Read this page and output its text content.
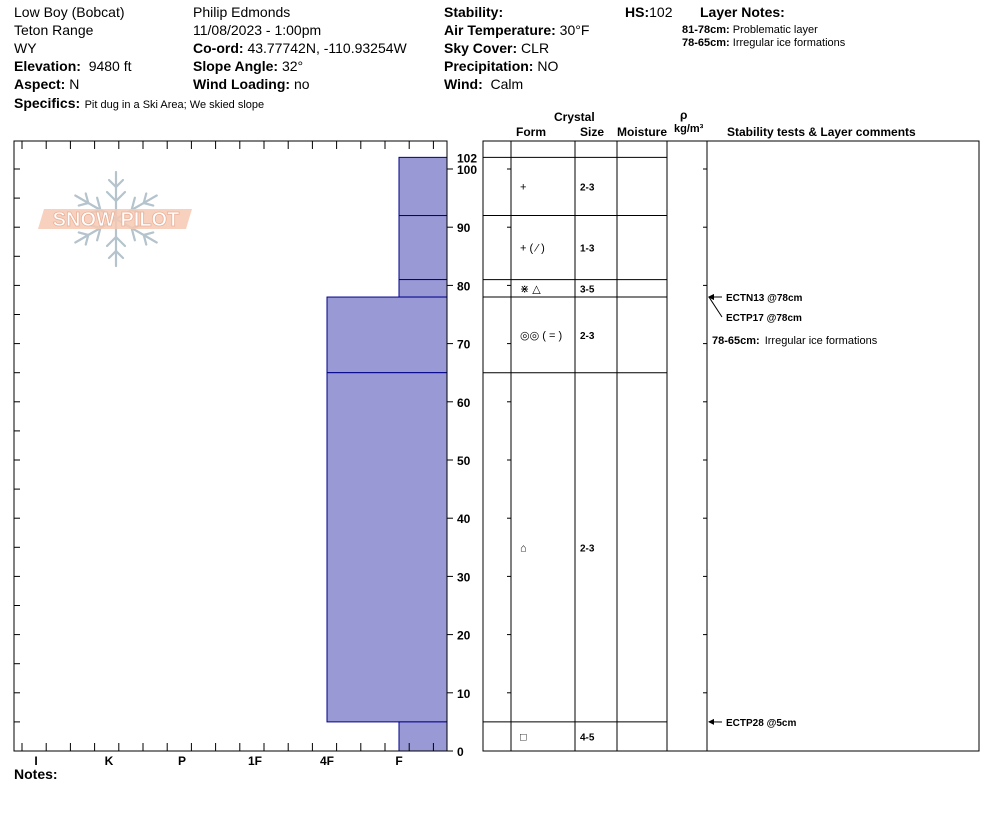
Low Boy (Bobcat)
Teton Range
WY
Elevation: 9480 ft
Aspect: N
Specifics: Pit dug in a Ski Area; We skied slope
Philip Edmonds
11/08/2023 - 1:00pm
Co-ord: 43.77742N, -110.93254W
Slope Angle: 32°
Wind Loading: no
Stability:
Air Temperature: 30°F
Sky Cover: CLR
Precipitation: NO
Wind: Calm
HS:102 Layer Notes:
81-78cm: Problematic layer
78-65cm: Irregular ice formations
Crystal
Form	Size Moisture
ρ
kg/m³ Stability tests & Layer comments
Notes:
SNOW PILOT
0
10
20
30
40
50
60
70
80
90
100
102
I	K	P	1F	4F	F
+	2-3
+ ( ⁄ )	1-3
⋇ △	3-5
◎◎ ( = ) 2-3
⌂	2-3
□	4-5
ECTN13 @78cm
ECTP17 @78cm
ECTP28 @5cm
78-65cm: Irregular ice formations
